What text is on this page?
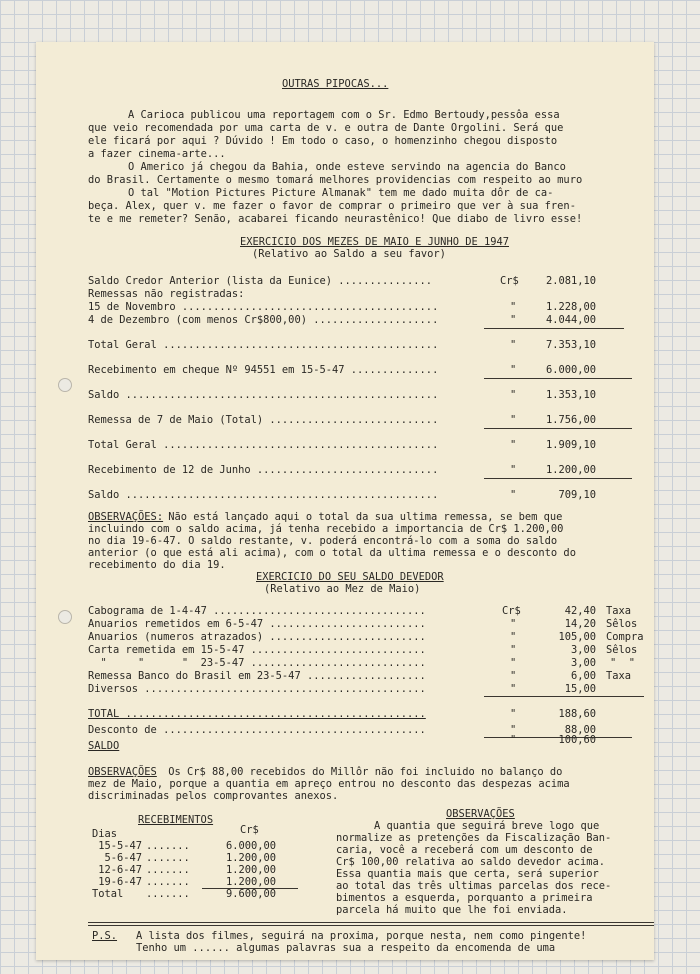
OUTRAS PIPOCAS...
A Carioca publicou uma reportagem com o Sr. Edmo Bertoudy,pessôa essa
que veio recomendada por uma carta de v. e outra de Dante Orgolini. Será que
ele ficará por aqui ? Dúvido ! Em todo o caso, o homenzinho chegou disposto
a fazer cinema-arte...
O Americo já chegou da Bahia, onde esteve servindo na agencia do Banco
do Brasil. Certamente o mesmo tomará melhores providencias com respeito ao muro
O tal "Motion Pictures Picture Almanak" tem me dado muita dôr de ca-
beça. Alex, quer v. me fazer o favor de comprar o primeiro que ver à sua fren-
te e me remeter? Senão, acabarei ficando neurastênico! Que diabo de livro esse!
EXERCICIO DOS MEZES DE MAIO E JUNHO DE 1947
(Relativo ao Saldo a seu favor)
Saldo Credor Anterior (lista da Eunice) ...............	Cr$	2.081,10
Remessas não registradas:
15 de Novembro .........................................	"	1.228,00
4 de Dezembro (com menos Cr$800,00) ....................	"	4.044,00
Total Geral ............................................	"	7.353,10
Recebimento em cheque Nº 94551 em 15-5-47 ..............	"	6.000,00
Saldo ..................................................	"	1.353,10
Remessa de 7 de Maio (Total) ...........................	"	1.756,00
Total Geral ............................................	"	1.909,10
Recebimento de 12 de Junho .............................	"	1.200,00
Saldo ..................................................	"	709,10
OBSERVAÇÕES:
Não está lançado aqui o total da sua ultima remessa, se bem que
incluindo com o saldo acima, já tenha recebido a importancia de Cr$ 1.200,00
no dia 19-6-47. O saldo restante, v. poderá encontrá-lo com a soma do saldo
anterior (o que está ali acima), com o total da ultima remessa e o desconto do
recebimento do dia 19.
EXERCICIO DO SEU SALDO DEVEDOR
(Relativo ao Mez de Maio)
Cabograma de 1-4-47 ..................................	Cr$	42,40 Taxa
Anuarios remetidos em 6-5-47 .........................	"	14,20 Sêlos
Anuarios (numeros atrazados) .........................	"	105,00 Compra
Carta remetida em 15-5-47 ............................	"	3,00 Sêlos
"     "      "  23-5-47 ............................	"	3,00 "  "
Remessa Banco do Brasil em 23-5-47 ...................	"	6,00 Taxa
Diversos .............................................	"	15,00
TOTAL ................................................	"	188,60
Desconto de ..........................................	"	88,00
SALDO	"	100,60
OBSERVAÇÕES Os Cr$ 88,00 recebidos do Millôr não foi incluido no balanço do
mez de Maio, porque a quantia em apreço entrou no desconto das despezas acima
discriminadas pelos comprovantes anexos.
RECEBIMENTOS
Dias	Cr$
15-5-47 .......	6.000,00
5-6-47 .......	1.200,00
12-6-47 .......	1.200,00
19-6-47 .......	1.200,00
Total .......	9.600,00
OBSERVAÇÕES
A quantia que seguirá breve logo que
normalize as pretenções da Fiscalização Ban-
caria, você a receberá com um desconto de
Cr$ 100,00 relativa ao saldo devedor acima.
Essa quantia mais que certa, será superior
ao total das três ultimas parcelas dos rece-
bimentos a esquerda, porquanto a primeira
parcela há muito que lhe foi enviada.
P.S. A lista dos filmes, seguirá na proxima, porque nesta, nem como pingente!
Tenho um ...... algumas palavras sua a respeito da encomenda de uma
